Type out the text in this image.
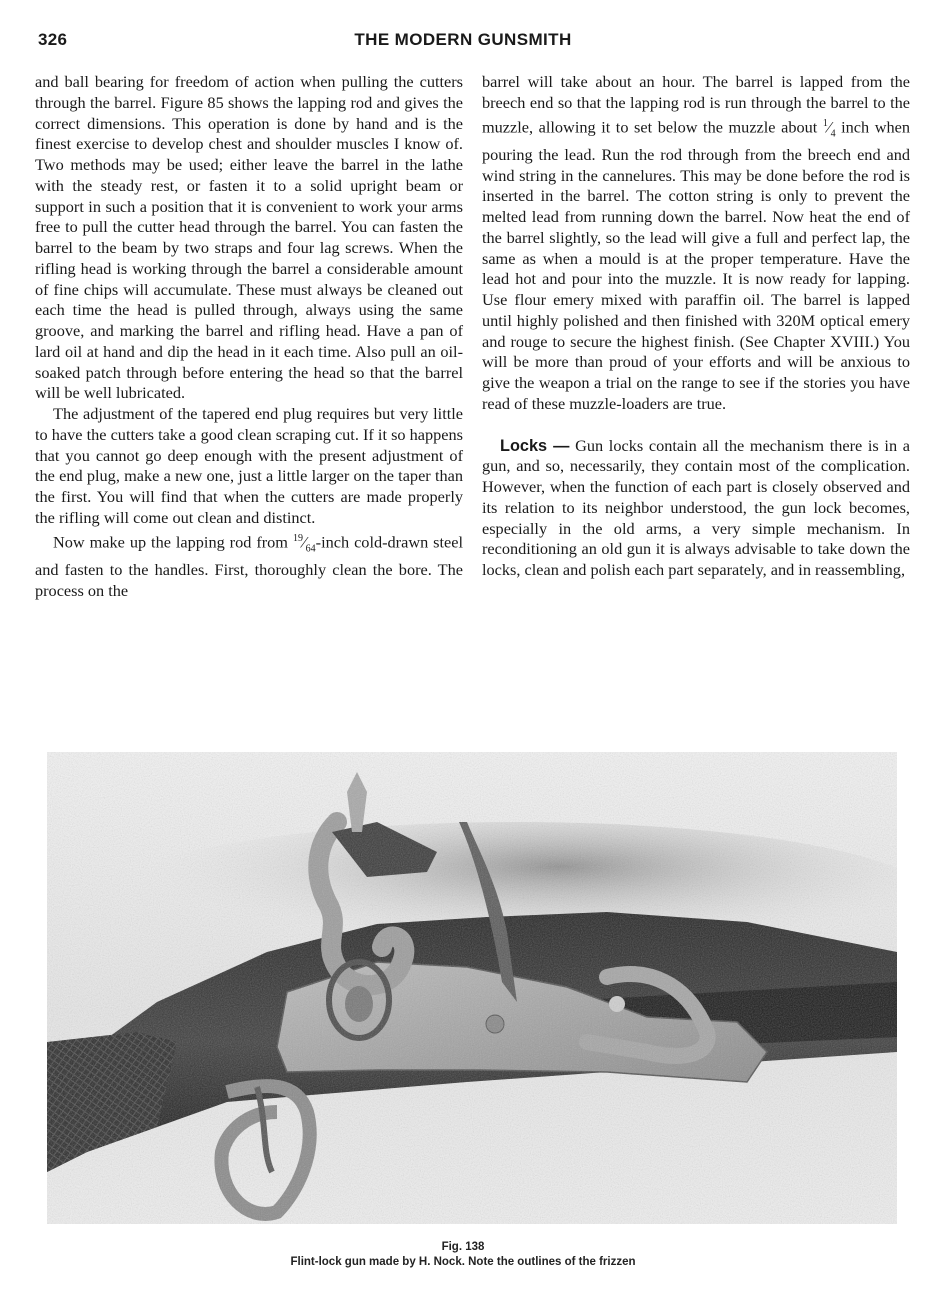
326	THE MODERN GUNSMITH

and ball bearing for freedom of action when pulling the cutters through the barrel. Figure 85 shows the lapping rod and gives the correct dimensions. This operation is done by hand and is the finest exercise to develop chest and shoulder muscles I know of. Two methods may be used; either leave the barrel in the lathe with the steady rest, or fasten it to a solid upright beam or support in such a position that it is convenient to work your arms free to pull the cutter head through the barrel. You can fasten the barrel to the beam by two straps and four lag screws. When the rifling head is working through the barrel a considerable amount of fine chips will accumulate. These must always be cleaned out each time the head is pulled through, always using the same groove, and marking the barrel and rifling head. Have a pan of lard oil at hand and dip the head in it each time. Also pull an oil-soaked patch through before entering the head so that the barrel will be well lubricated.

The adjustment of the tapered end plug requires but very little to have the cutters take a good clean scraping cut. If it so happens that you cannot go deep enough with the present adjustment of the end plug, make a new one, just a little larger on the taper than the first. You will find that when the cutters are made properly the rifling will come out clean and distinct.

Now make up the lapping rod from $^{19}⁄_{64}$-inch cold-drawn steel and fasten to the handles. First, thoroughly clean the bore. The process on the

barrel will take about an hour. The barrel is lapped from the breech end so that the lapping rod is run through the barrel to the muzzle, allowing it to set below the muzzle about $^1⁄_4$ inch when pouring the lead. Run the rod through from the breech end and wind string in the cannelures. This may be done before the rod is inserted in the barrel. The cotton string is only to prevent the melted lead from running down the barrel. Now heat the end of the barrel slightly, so the lead will give a full and perfect lap, the same as when a mould is at the proper temperature. Have the lead hot and pour into the muzzle. It is now ready for lapping. Use flour emery mixed with paraffin oil. The barrel is lapped until highly polished and then finished with 320M optical emery and rouge to secure the highest finish. (See Chapter XVIII.) You will be more than proud of your efforts and will be anxious to give the weapon a trial on the range to see if the stories you have read of these muzzle-loaders are true.

Locks — Gun locks contain all the mechanism there is in a gun, and so, necessarily, they contain most of the complication. However, when the function of each part is closely observed and its relation to its neighbor understood, the gun lock becomes, especially in the old arms, a very simple mechanism. In reconditioning an old gun it is always advisable to take down the locks, clean and polish each part separately, and in reassembling,

Fig. 138
Flint-lock gun made by H. Nock. Note the outlines of the frizzen
